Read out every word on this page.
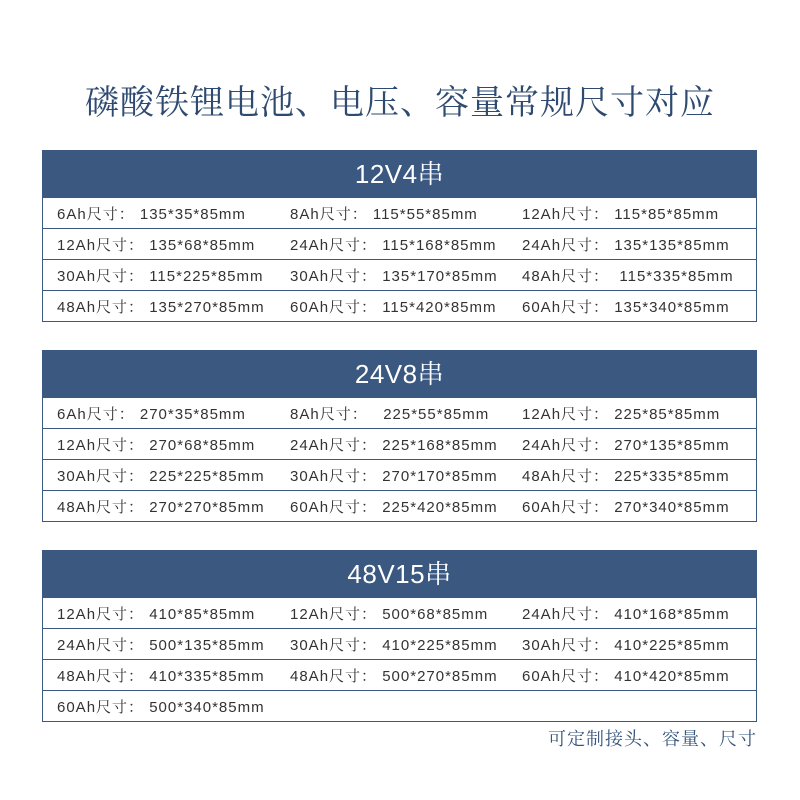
磷酸铁锂电池、电压、容量常规尺寸对应
12V4串
6Ah尺寸： 135*35*85mm	8Ah尺寸： 115*55*85mm	12Ah尺寸： 115*85*85mm
12Ah尺寸： 135*68*85mm	24Ah尺寸： 115*168*85mm	24Ah尺寸： 135*135*85mm
30Ah尺寸： 115*225*85mm	30Ah尺寸： 135*170*85mm	48Ah尺寸：  115*335*85mm
48Ah尺寸： 135*270*85mm	60Ah尺寸： 115*420*85mm	60Ah尺寸： 135*340*85mm
24V8串
6Ah尺寸： 270*35*85mm	8Ah尺寸：   225*55*85mm	12Ah尺寸： 225*85*85mm
12Ah尺寸： 270*68*85mm	24Ah尺寸： 225*168*85mm	24Ah尺寸： 270*135*85mm
30Ah尺寸： 225*225*85mm	30Ah尺寸： 270*170*85mm	48Ah尺寸： 225*335*85mm
48Ah尺寸： 270*270*85mm	60Ah尺寸： 225*420*85mm	60Ah尺寸： 270*340*85mm
48V15串
12Ah尺寸： 410*85*85mm	12Ah尺寸： 500*68*85mm	24Ah尺寸： 410*168*85mm
24Ah尺寸： 500*135*85mm	30Ah尺寸： 410*225*85mm	30Ah尺寸： 410*225*85mm
48Ah尺寸： 410*335*85mm	48Ah尺寸： 500*270*85mm	60Ah尺寸： 410*420*85mm
60Ah尺寸： 500*340*85mm
可定制接头、容量、尺寸
